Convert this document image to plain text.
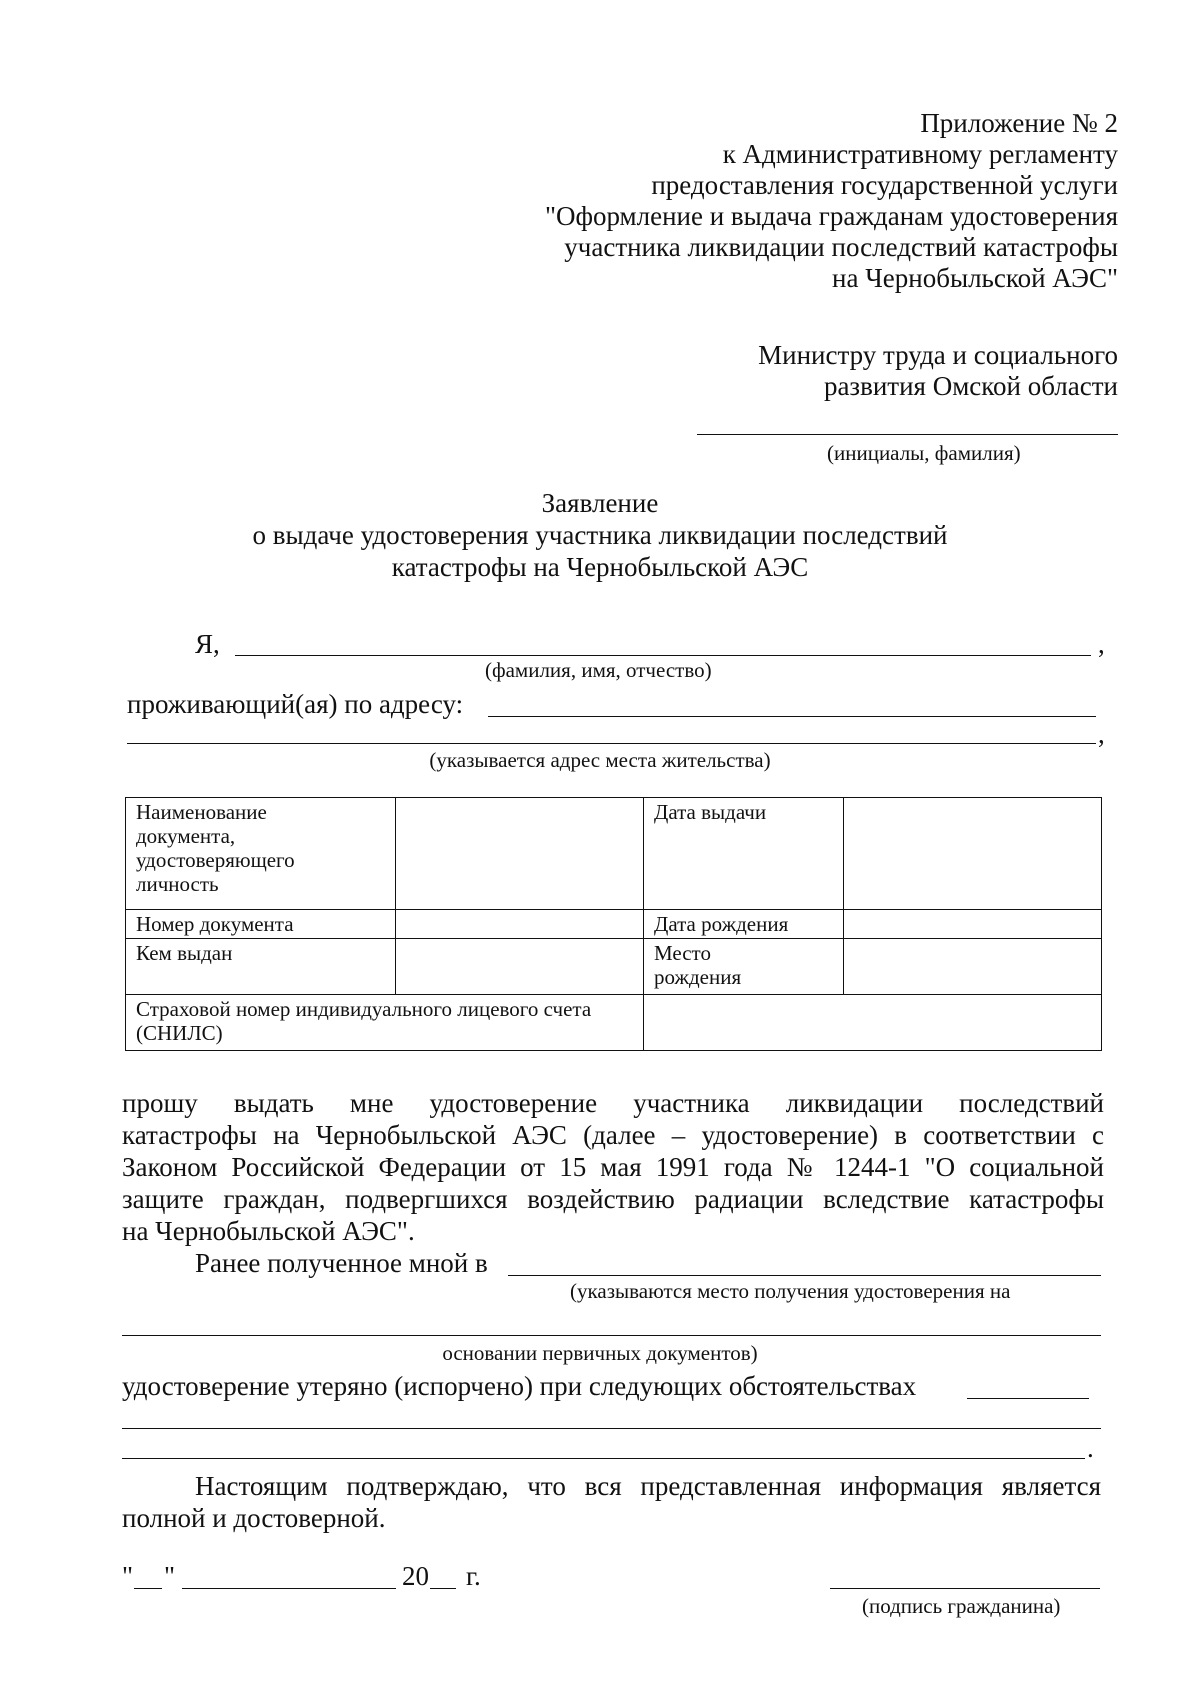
Приложение № 2
к Административному регламенту
предоставления государственной услуги
"Оформление и выдача гражданам удостоверения
участника ликвидации последствий катастрофы
на Чернобыльской АЭС"
Министру труда и социального
развития Омской области
(инициалы, фамилия)
Заявление
о выдаче удостоверения участника ликвидации последствий
катастрофы на Чернобыльской АЭС
Я,	,
(фамилия, имя, отчество)
проживающий(ая) по адресу:
,
(указывается адрес места жительства)
Наименование документа, удостоверяющего личность		Дата выдачи	
Номер документа		Дата рождения	
Кем выдан		Место рождения	

Страховой номер индивидуального лицевого счета (СНИЛС)			

прошу выдать мне удостоверение участника ликвидации последствий
катастрофы на Чернобыльской АЭС (далее – удостоверение) в соответствии с
Законом Российской Федерации от 15 мая 1991 года № 1244-1 "О социальной
защите граждан, подвергшихся воздействию радиации вследствие катастрофы
на Чернобыльской АЭС".
Ранее полученное мной в
(указываются место получения удостоверения на
основании первичных документов)
удостоверение утеряно (испорчено) при следующих обстоятельствах
.
Настоящим подтверждаю, что вся представленная информация является
полной и достоверной.
" "	20 г.
(подпись гражданина)
